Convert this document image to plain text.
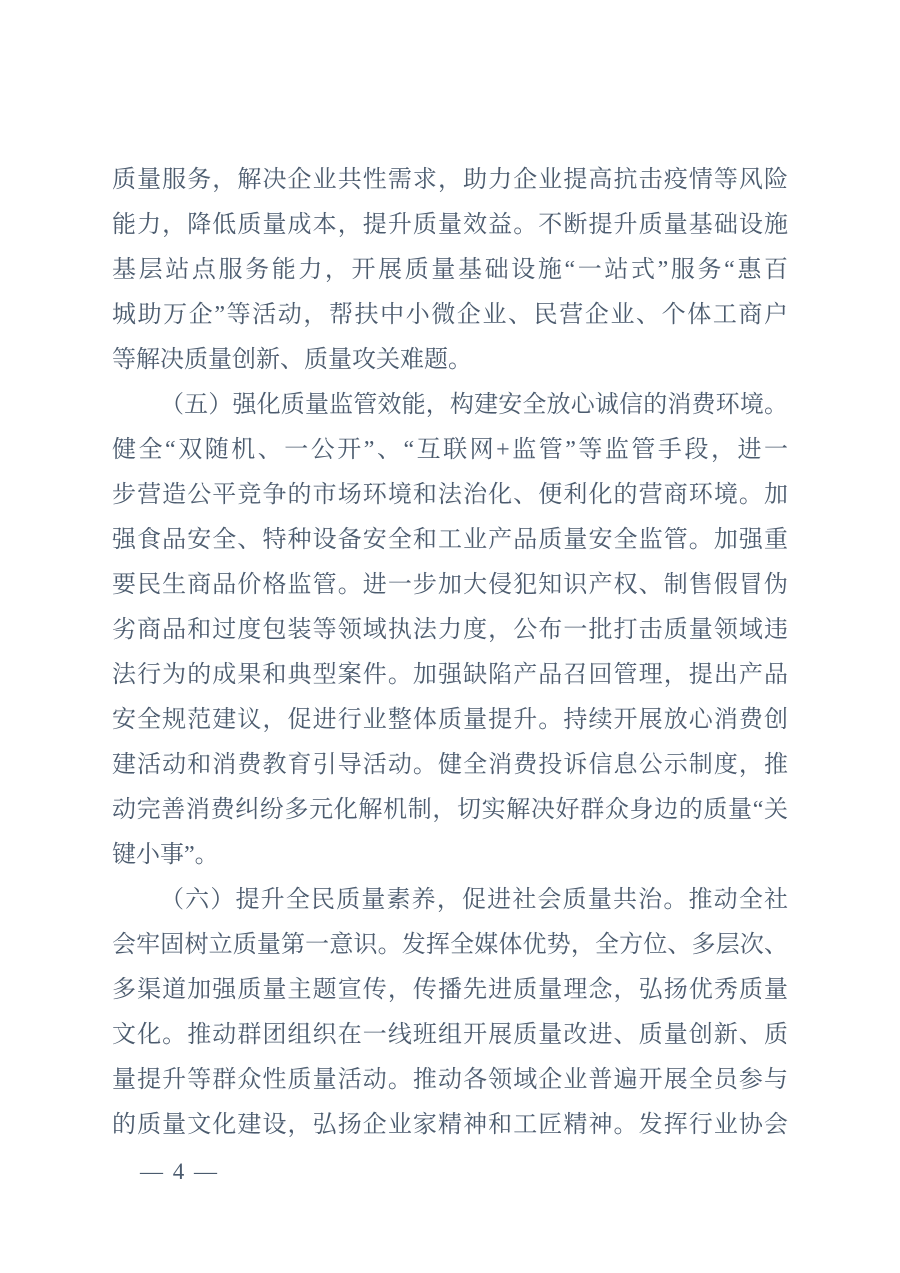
质量服务，解决企业共性需求，助力企业提高抗击疫情等风险
能力，降低质量成本，提升质量效益。不断提升质量基础设施
基层站点服务能力，开展质量基础设施“一站式”服务“惠百
城助万企”等活动，帮扶中小微企业、民营企业、个体工商户
等解决质量创新、质量攻关难题。
（五）强化质量监管效能，构建安全放心诚信的消费环境。
健全“双随机、一公开”、“互联网+监管”等监管手段，进一
步营造公平竞争的市场环境和法治化、便利化的营商环境。加
强食品安全、特种设备安全和工业产品质量安全监管。加强重
要民生商品价格监管。进一步加大侵犯知识产权、制售假冒伪
劣商品和过度包装等领域执法力度，公布一批打击质量领域违
法行为的成果和典型案件。加强缺陷产品召回管理，提出产品
安全规范建议，促进行业整体质量提升。持续开展放心消费创
建活动和消费教育引导活动。健全消费投诉信息公示制度，推
动完善消费纠纷多元化解机制，切实解决好群众身边的质量“关
键小事”。
（六）提升全民质量素养，促进社会质量共治。推动全社
会牢固树立质量第一意识。发挥全媒体优势，全方位、多层次、
多渠道加强质量主题宣传，传播先进质量理念，弘扬优秀质量
文化。推动群团组织在一线班组开展质量改进、质量创新、质
量提升等群众性质量活动。推动各领域企业普遍开展全员参与
的质量文化建设，弘扬企业家精神和工匠精神。发挥行业协会
— 4 —
